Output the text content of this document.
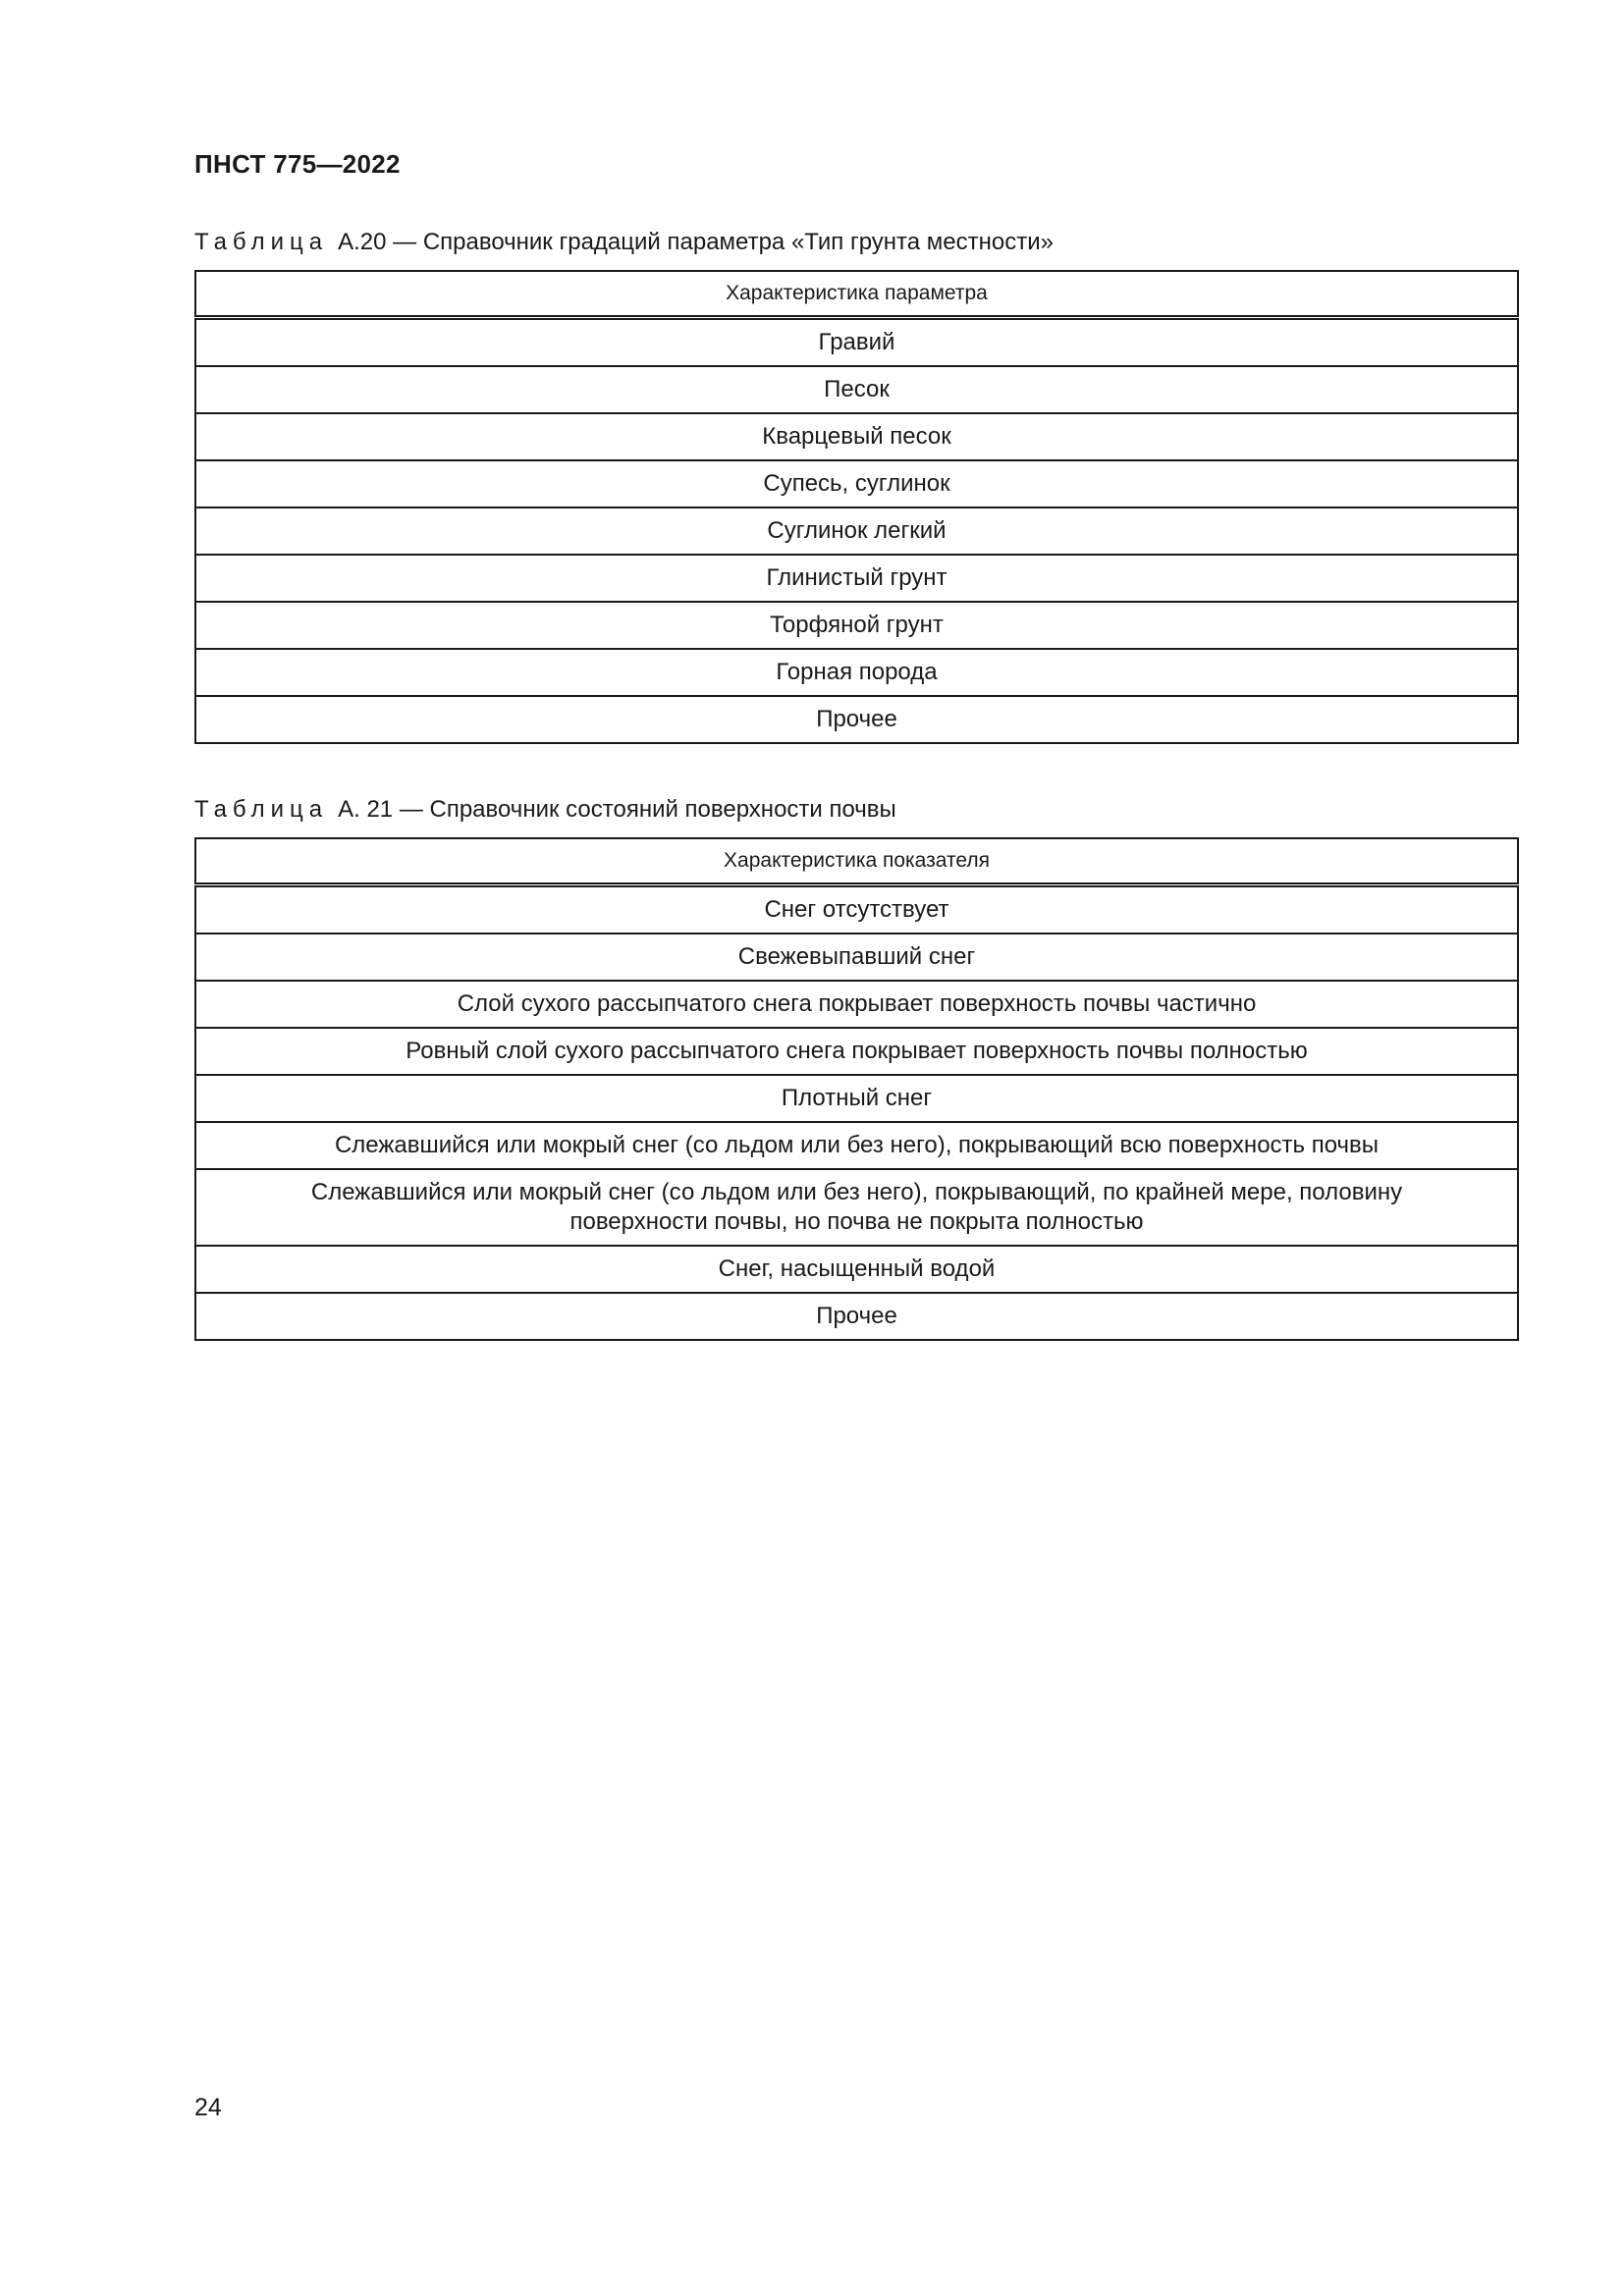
ПНСТ 775—2022
Таблица А.20 — Справочник градаций параметра «Тип грунта местности»
Характеристика параметра
Гравий
Песок
Кварцевый песок
Супесь, суглинок
Суглинок легкий
Глинистый грунт
Торфяной грунт
Горная порода
Прочее
Таблица А. 21 — Справочник состояний поверхности почвы
Характеристика показателя
Снег отсутствует
Свежевыпавший снег
Слой сухого рассыпчатого снега покрывает поверхность почвы частично
Ровный слой сухого рассыпчатого снега покрывает поверхность почвы полностью
Плотный снег
Слежавшийся или мокрый снег (со льдом или без него), покрывающий всю поверхность почвы
Слежавшийся или мокрый снег (со льдом или без него), покрывающий, по крайней мере, половину поверхности почвы, но почва не покрыта полностью
Снег, насыщенный водой
Прочее
24
